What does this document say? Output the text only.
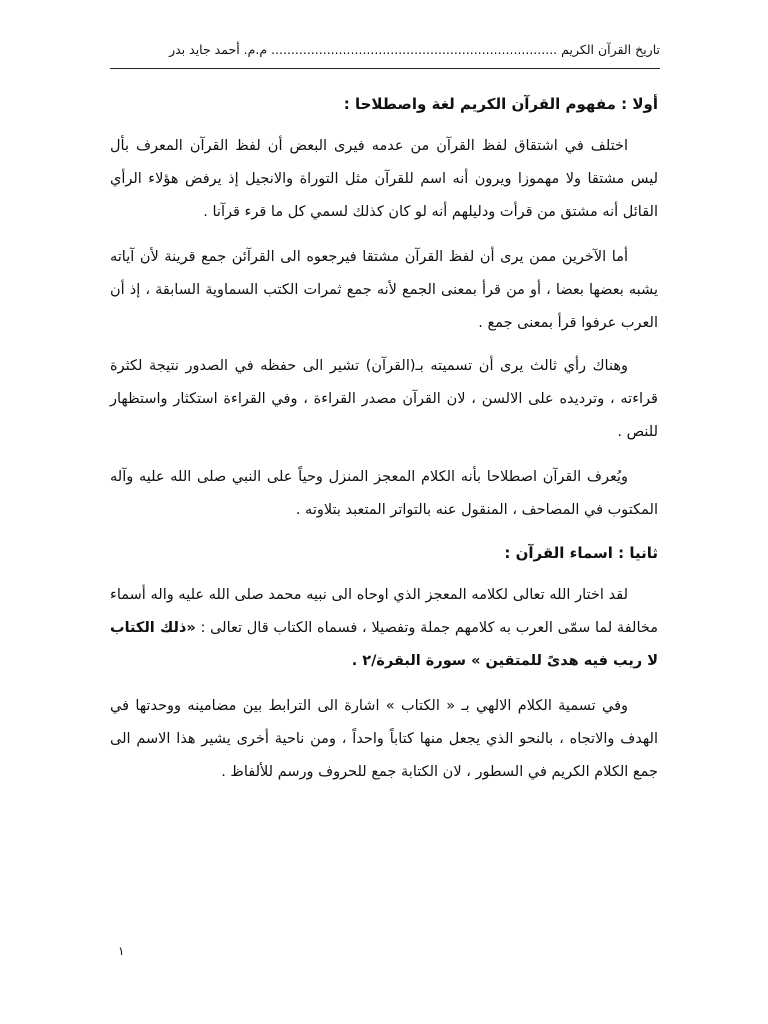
تاريخ القرآن الكريم ........................................................................ م.م. أحمد جايد بدر

أولا : مفهوم القرآن الكريم لغة واصطلاحا :

اختلف في اشتقاق لفظ القرآن من عدمه فيرى البعض أن لفظ القرآن المعرف بأل ليس مشتقا ولا مهموزا ويرون أنه اسم للقرآن مثل التوراة والانجيل إذ يرفض هؤلاء الرأي القائل أنه مشتق من قرأت ودليلهم أنه لو كان كذلك لسمي كل ما قرء قرآنا .

أما الآخرين ممن يرى أن لفظ القرآن مشتقا فيرجعوه الى القرآئن جمع قرينة لأن آياته يشبه بعضها بعضا ، أو من قرأ بمعنى الجمع لأنه جمع ثمرات الكتب السماوية السابقة ، إذ أن العرب عرفوا قرأ بمعنى جمع .

وهناك رأي ثالث يرى أن تسميته بـ(القرآن) تشير الى حفظه في الصدور نتيجة لكثرة قراءته ، وترديده على الالسن ، لان القرآن مصدر القراءة ، وفي القراءة استكثار واستظهار للنص .

ويُعرف القرآن اصطلاحا بأنه الكلام المعجز المنزل وحياً على النبي صلى الله عليه وآله المكتوب في المصاحف ، المنقول عنه بالتواتر المتعبد بتلاوته .

ثانيا : اسماء القرآن :

لقد اختار الله تعالى لكلامه المعجز الذي اوحاه الى نبيه محمد صلى الله عليه واله أسماء مخالفة لما سمّى العرب به كلامهم جملة وتفصيلا ، فسماه الكتاب قال تعالى : «ذلك الكتاب لا ريب فيه هدىً للمتقين » سورة البقرة/٢ .

وفي تسمية الكلام الالهي بـ « الكتاب » اشارة الى الترابط بين مضامينه ووحدتها في الهدف والاتجاه ، بالنحو الذي يجعل منها كتاباً واحداً ، ومن ناحية أخرى يشير هذا الاسم الى جمع الكلام الكريم في السطور ، لان الكتابة جمع للحروف ورسم للألفاظ .

١
